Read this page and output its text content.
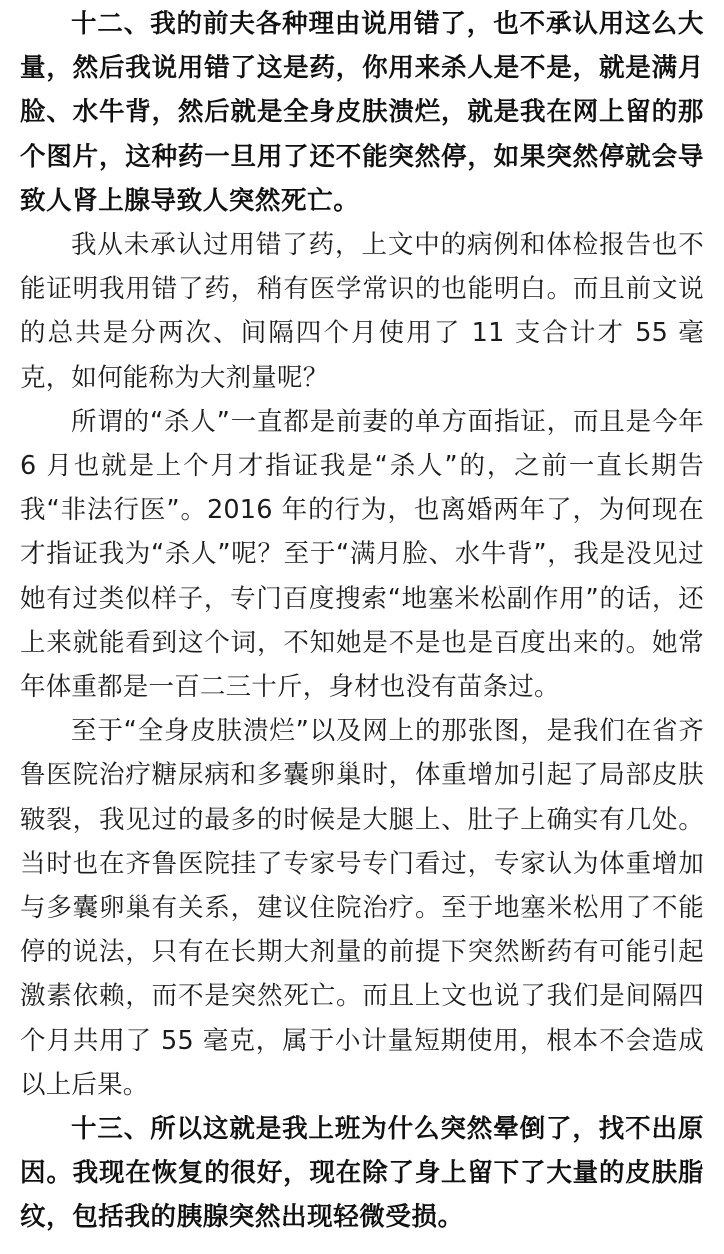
十二、我的前夫各种理由说用错了，也不承认用这么大量，然后我说用错了这是药，你用来杀人是不是，就是满月脸、水牛背，然后就是全身皮肤溃烂，就是我在网上留的那个图片，这种药一旦用了还不能突然停，如果突然停就会导致人肾上腺导致人突然死亡。

我从未承认过用错了药，上文中的病例和体检报告也不能证明我用错了药，稍有医学常识的也能明白。而且前文说的总共是分两次、间隔四个月使用了 11 支合计才 55 毫克，如何能称为大剂量呢？

所谓的“杀人”一直都是前妻的单方面指证，而且是今年 6 月也就是上个月才指证我是“杀人”的，之前一直长期告我“非法行医”。2016 年的行为，也离婚两年了，为何现在才指证我为“杀人”呢？至于“满月脸、水牛背”，我是没见过她有过类似样子，专门百度搜索“地塞米松副作用”的话，还上来就能看到这个词，不知她是不是也是百度出来的。她常年体重都是一百二三十斤，身材也没有苗条过。

至于“全身皮肤溃烂”以及网上的那张图，是我们在省齐鲁医院治疗糖尿病和多囊卵巢时，体重增加引起了局部皮肤皲裂，我见过的最多的时候是大腿上、肚子上确实有几处。当时也在齐鲁医院挂了专家号专门看过，专家认为体重增加与多囊卵巢有关系，建议住院治疗。至于地塞米松用了不能停的说法，只有在长期大剂量的前提下突然断药有可能引起激素依赖，而不是突然死亡。而且上文也说了我们是间隔四个月共用了 55 毫克，属于小计量短期使用，根本不会造成以上后果。

十三、所以这就是我上班为什么突然晕倒了，找不出原因。我现在恢复的很好，现在除了身上留下了大量的皮肤脂纹，包括我的胰腺突然出现轻微受损。
